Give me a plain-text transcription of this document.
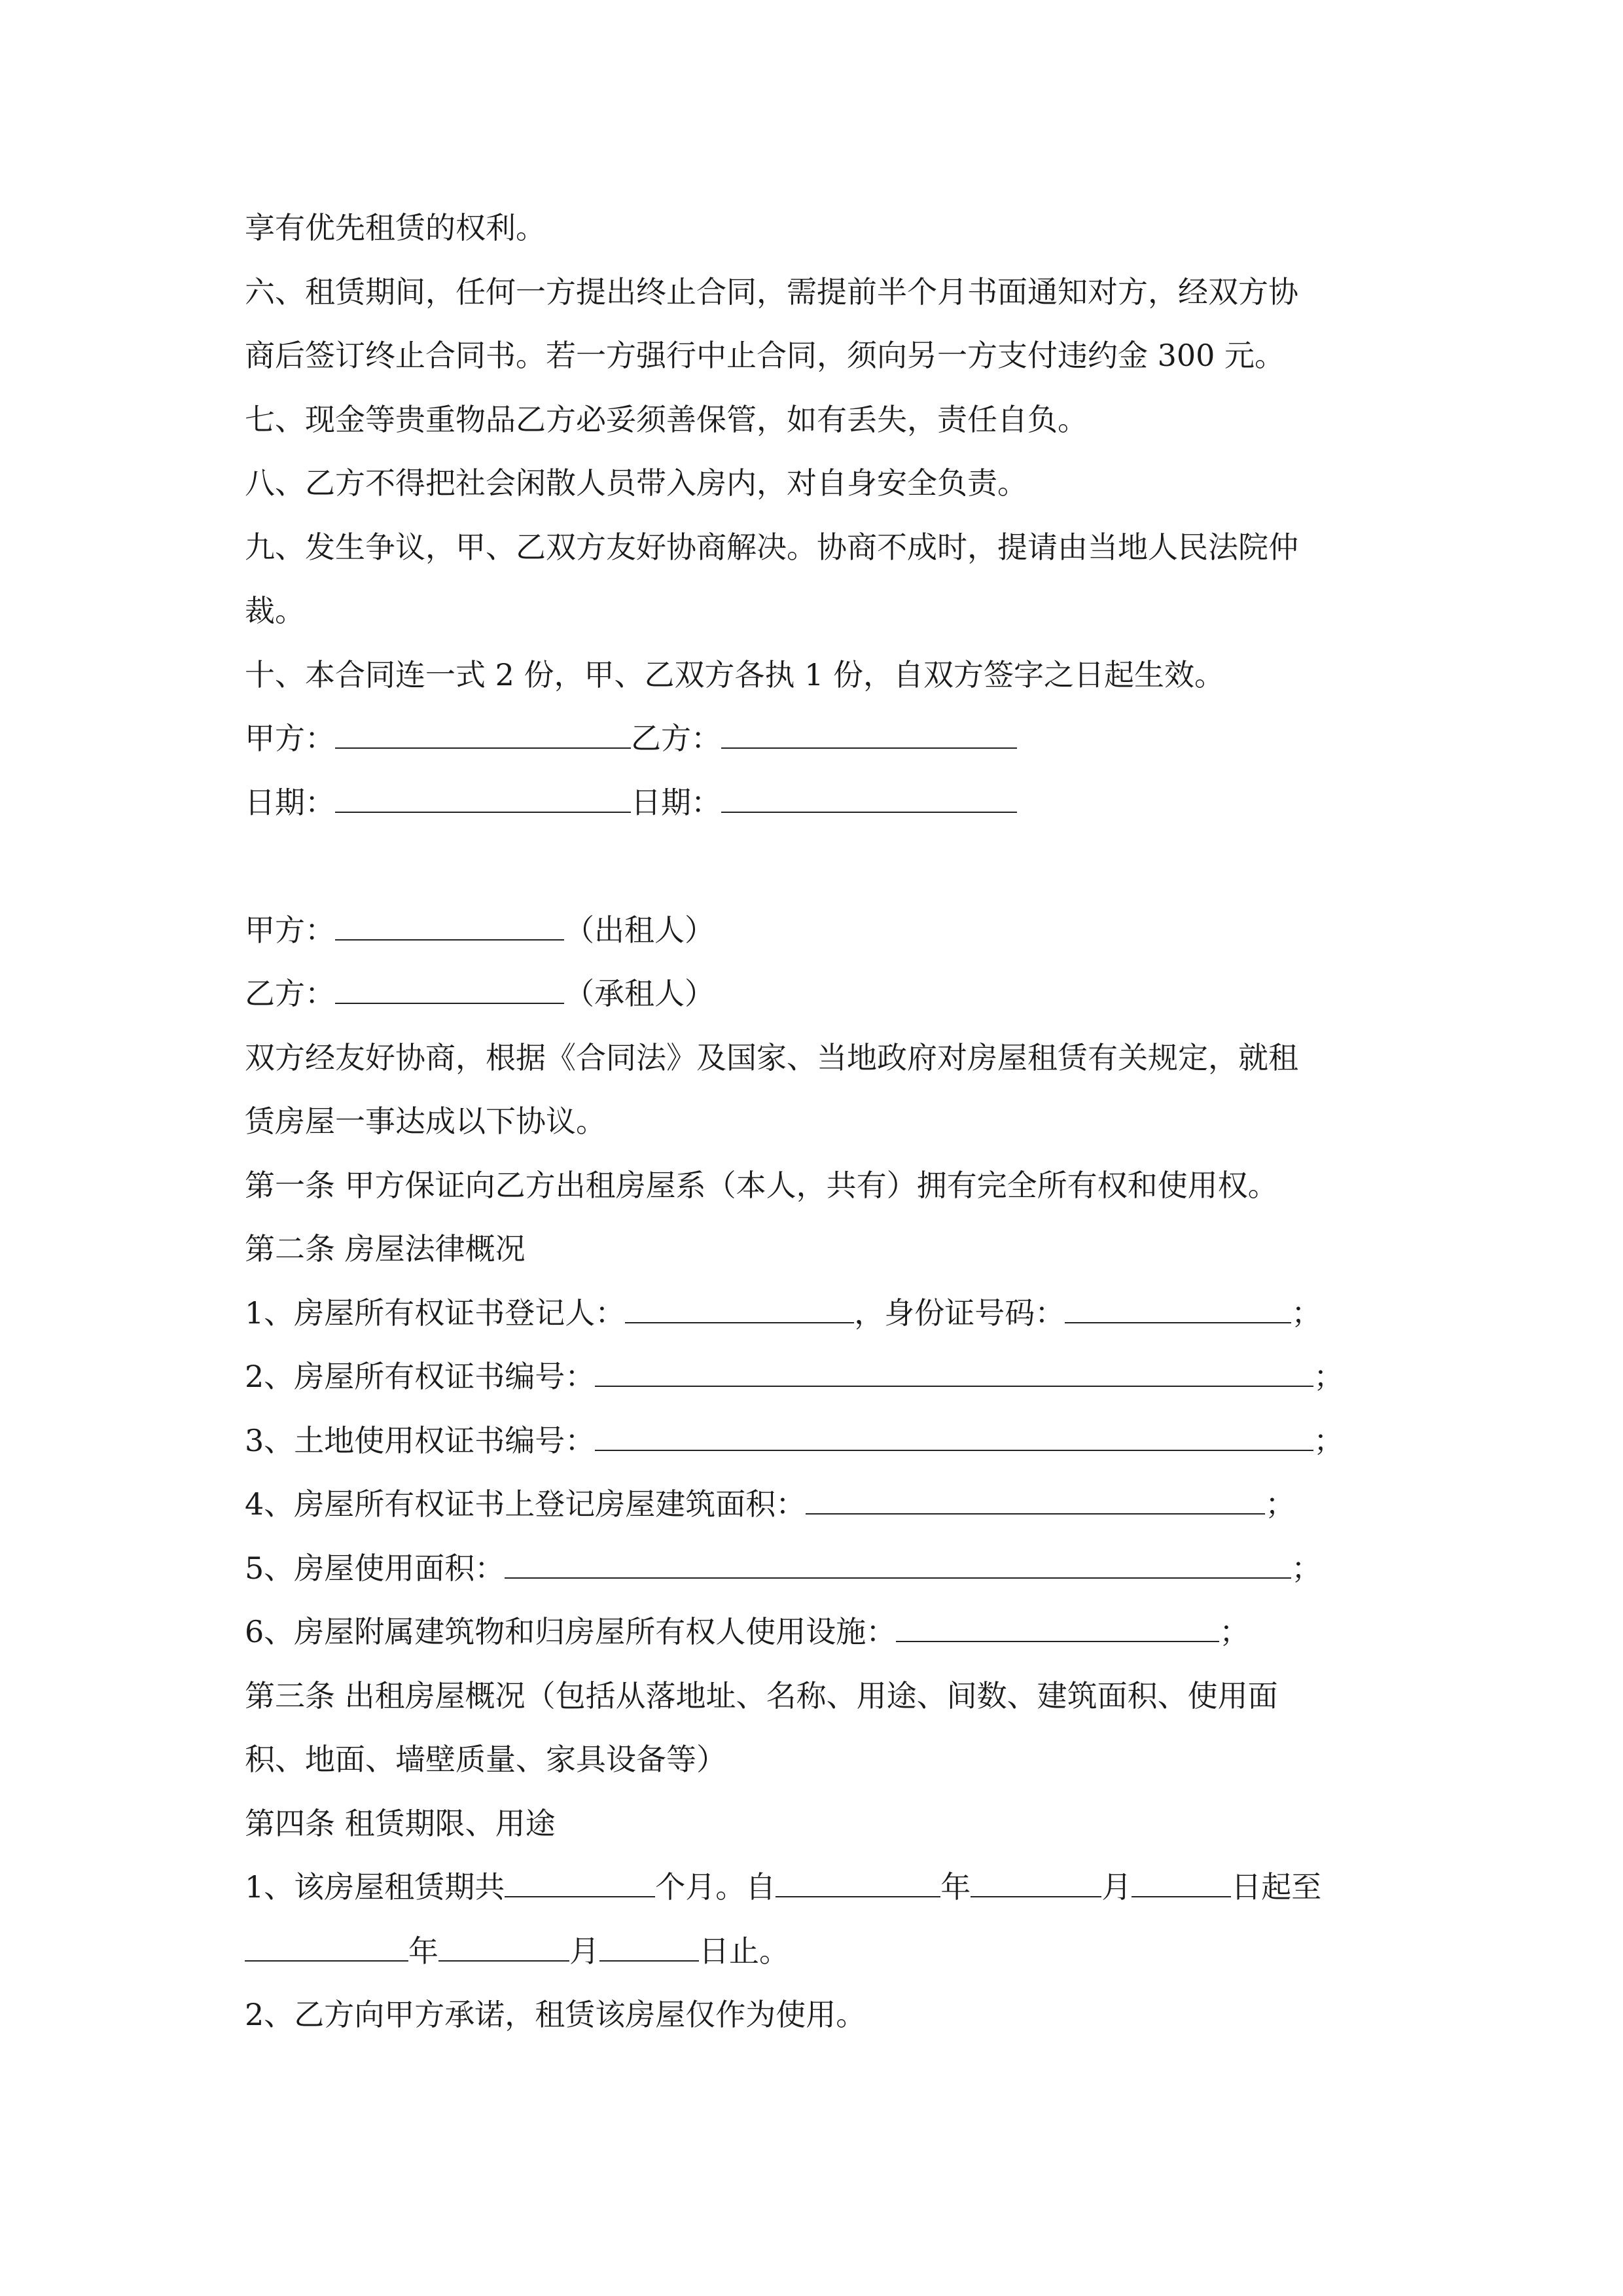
享有优先租赁的权利。
六、租赁期间，任何一方提出终止合同，需提前半个月书面通知对方，经双方协
商后签订终止合同书。若一方强行中止合同，须向另一方支付违约金 300 元。
七、现金等贵重物品乙方必妥须善保管，如有丢失，责任自负。
八、乙方不得把社会闲散人员带入房内，对自身安全负责。
九、发生争议，甲、乙双方友好协商解决。协商不成时，提请由当地人民法院仲
裁。
十、本合同连一式 2 份，甲、乙双方各执 1 份，自双方签字之日起生效。
甲方：	乙方：
日期：	日期：
甲方：	（出租人）
乙方：	（承租人）
双方经友好协商，根据《合同法》及国家、当地政府对房屋租赁有关规定，就租
赁房屋一事达成以下协议。
第一条 甲方保证向乙方出租房屋系（本人，共有）拥有完全所有权和使用权。
第二条 房屋法律概况
1、房屋所有权证书登记人：	，身份证号码：	；
2、房屋所有权证书编号：	；
3、土地使用权证书编号：	；
4、房屋所有权证书上登记房屋建筑面积：	；
5、房屋使用面积：	；
6、房屋附属建筑物和归房屋所有权人使用设施：	；
第三条 出租房屋概况（包括从落地址、名称、用途、间数、建筑面积、使用面
积、地面、墙壁质量、家具设备等）
第四条 租赁期限、用途
1、该房屋租赁期共	个月。自	年	月	日起至
年	月	日止。
2、乙方向甲方承诺，租赁该房屋仅作为使用。
